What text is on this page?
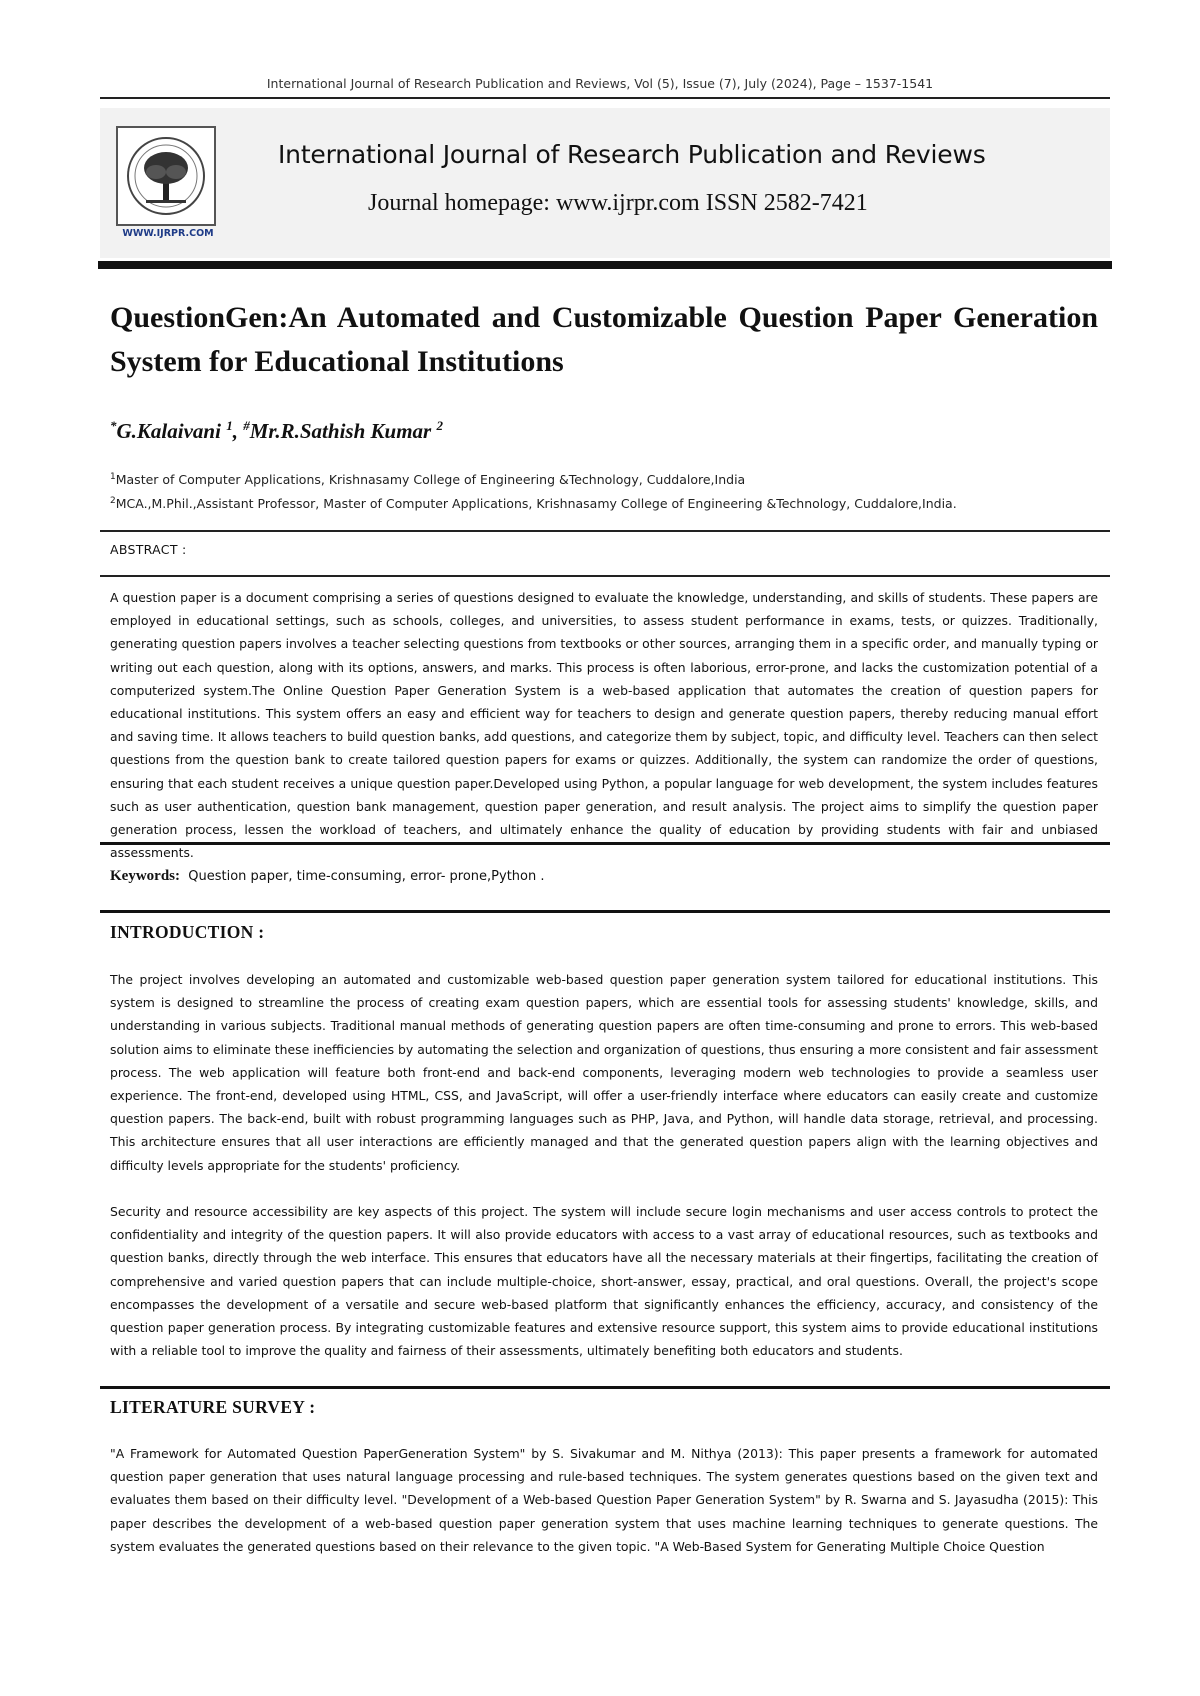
International Journal of Research Publication and Reviews, Vol (5), Issue (7), July (2024), Page – 1537-1541
WWW.IJRPR.COM
International Journal of Research Publication and Reviews
Journal homepage: www.ijrpr.com ISSN 2582-7421
QuestionGen:An Automated and Customizable Question Paper Generation System for Educational Institutions
*G.Kalaivani $^1$, #Mr.R.Sathish Kumar $^2$
$^1$Master of Computer Applications, Krishnasamy College of Engineering &Technology, Cuddalore,India
$^2$MCA.,M.Phil.,Assistant Professor, Master of Computer Applications, Krishnasamy College of Engineering &Technology, Cuddalore,India.
ABSTRACT :
A question paper is a document comprising a series of questions designed to evaluate the knowledge, understanding, and skills of students. These papers are employed in educational settings, such as schools, colleges, and universities, to assess student performance in exams, tests, or quizzes. Traditionally, generating question papers involves a teacher selecting questions from textbooks or other sources, arranging them in a specific order, and manually typing or writing out each question, along with its options, answers, and marks. This process is often laborious, error-prone, and lacks the customization potential of a computerized system.The Online Question Paper Generation System is a web-based application that automates the creation of question papers for educational institutions. This system offers an easy and efficient way for teachers to design and generate question papers, thereby reducing manual effort and saving time. It allows teachers to build question banks, add questions, and categorize them by subject, topic, and difficulty level. Teachers can then select questions from the question bank to create tailored question papers for exams or quizzes. Additionally, the system can randomize the order of questions, ensuring that each student receives a unique question paper.Developed using Python, a popular language for web development, the system includes features such as user authentication, question bank management, question paper generation, and result analysis. The project aims to simplify the question paper generation process, lessen the workload of teachers, and ultimately enhance the quality of education by providing students with fair and unbiased assessments.
Keywords: Question paper, time-consuming, error- prone,Python .
INTRODUCTION :
The project involves developing an automated and customizable web-based question paper generation system tailored for educational institutions. This system is designed to streamline the process of creating exam question papers, which are essential tools for assessing students' knowledge, skills, and understanding in various subjects. Traditional manual methods of generating question papers are often time-consuming and prone to errors. This web-based solution aims to eliminate these inefficiencies by automating the selection and organization of questions, thus ensuring a more consistent and fair assessment process. The web application will feature both front-end and back-end components, leveraging modern web technologies to provide a seamless user experience. The front-end, developed using HTML, CSS, and JavaScript, will offer a user-friendly interface where educators can easily create and customize question papers. The back-end, built with robust programming languages such as PHP, Java, and Python, will handle data storage, retrieval, and processing. This architecture ensures that all user interactions are efficiently managed and that the generated question papers align with the learning objectives and difficulty levels appropriate for the students' proficiency.
Security and resource accessibility are key aspects of this project. The system will include secure login mechanisms and user access controls to protect the confidentiality and integrity of the question papers. It will also provide educators with access to a vast array of educational resources, such as textbooks and question banks, directly through the web interface. This ensures that educators have all the necessary materials at their fingertips, facilitating the creation of comprehensive and varied question papers that can include multiple-choice, short-answer, essay, practical, and oral questions. Overall, the project's scope encompasses the development of a versatile and secure web-based platform that significantly enhances the efficiency, accuracy, and consistency of the question paper generation process. By integrating customizable features and extensive resource support, this system aims to provide educational institutions with a reliable tool to improve the quality and fairness of their assessments, ultimately benefiting both educators and students.
LITERATURE SURVEY :
"A Framework for Automated Question PaperGeneration System" by S. Sivakumar and M. Nithya (2013): This paper presents a framework for automated question paper generation that uses natural language processing and rule-based techniques. The system generates questions based on the given text and evaluates them based on their difficulty level. "Development of a Web-based Question Paper Generation System" by R. Swarna and S. Jayasudha (2015): This paper describes the development of a web-based question paper generation system that uses machine learning techniques to generate questions. The system evaluates the generated questions based on their relevance to the given topic. "A Web-Based System for Generating Multiple Choice Question
